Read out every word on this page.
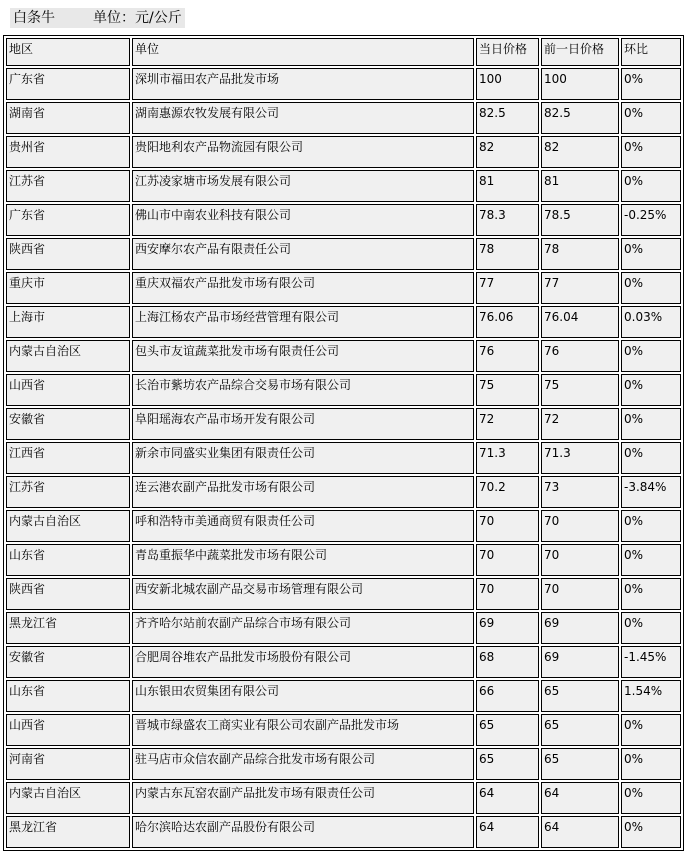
白条牛	单位：元/公斤
地区	单位	当日价格	前一日价格	环比
广东省	深圳市福田农产品批发市场	100	100	0%
湖南省	湖南惠源农牧发展有限公司	82.5	82.5	0%
贵州省	贵阳地利农产品物流园有限公司	82	82	0%
江苏省	江苏凌家塘市场发展有限公司	81	81	0%
广东省	佛山市中南农业科技有限公司	78.3	78.5	-0.25%
陕西省	西安摩尔农产品有限责任公司	78	78	0%
重庆市	重庆双福农产品批发市场有限公司	77	77	0%
上海市	上海江杨农产品市场经营管理有限公司	76.06	76.04	0.03%
内蒙古自治区	包头市友谊蔬菜批发市场有限责任公司	76	76	0%
山西省	长治市紫坊农产品综合交易市场有限公司	75	75	0%
安徽省	阜阳瑶海农产品市场开发有限公司	72	72	0%
江西省	新余市同盛实业集团有限责任公司	71.3	71.3	0%
江苏省	连云港农副产品批发市场有限公司	70.2	73	-3.84%
内蒙古自治区	呼和浩特市美通商贸有限责任公司	70	70	0%
山东省	青岛重振华中蔬菜批发市场有限公司	70	70	0%
陕西省	西安新北城农副产品交易市场管理有限公司	70	70	0%
黑龙江省	齐齐哈尔站前农副产品综合市场有限公司	69	69	0%
安徽省	合肥周谷堆农产品批发市场股份有限公司	68	69	-1.45%
山东省	山东银田农贸集团有限公司	66	65	1.54%
山西省	晋城市绿盛农工商实业有限公司农副产品批发市场	65	65	0%
河南省	驻马店市众信农副产品综合批发市场有限公司	65	65	0%
内蒙古自治区	内蒙古东瓦窑农副产品批发市场有限责任公司	64	64	0%
黑龙江省	哈尔滨哈达农副产品股份有限公司	64	64	0%
